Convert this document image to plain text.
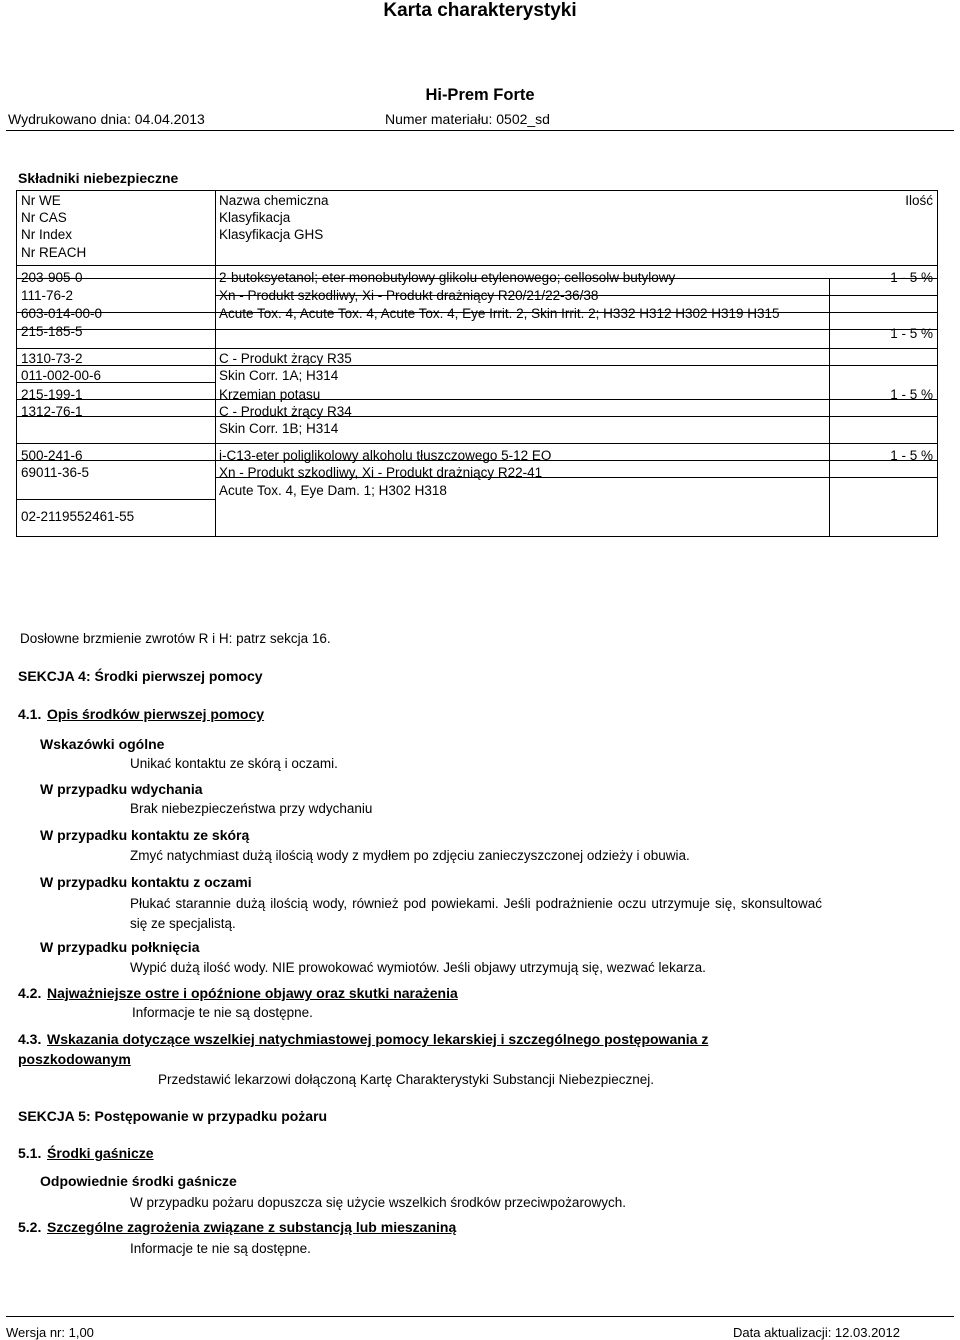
Karta charakterystyki
Hi-Prem Forte
Wydrukowano dnia: 04.04.2013	Numer materiału: 0502_sd
Składniki niebezpieczne
Nr WE
Nr CAS
Nr Index
Nr REACH
Nazwa chemiczna
Klasyfikacja
Klasyfikacja GHS
Ilość
203-905-0
111-76-2
603-014-00-0
215-185-5
2-butoksyetanol; eter monobutylowy glikolu etylenowego; cellosolw butylowy
Xn - Produkt szkodliwy, Xi - Produkt drażniący R20/21/22-36/38
Acute Tox. 4, Acute Tox. 4, Acute Tox. 4, Eye Irrit. 2, Skin Irrit. 2; H332 H312 H302 H319 H315
1 - 5 %
1 - 5 %
1310-73-2
011-002-00-6
C - Produkt żrący R35
Skin Corr. 1A; H314
215-199-1
1312-76-1
Krzemian potasu
C - Produkt żrący R34
Skin Corr. 1B; H314
1 - 5 %
500-241-6
69011-36-5
02-2119552461-55
i-C13-eter poliglikolowy alkoholu tłuszczowego 5-12 EO
Xn - Produkt szkodliwy, Xi - Produkt drażniący R22-41
Acute Tox. 4, Eye Dam. 1; H302 H318
1 - 5 %
Dosłowne brzmienie zwrotów R i H: patrz sekcja 16.
SEKCJA 4: Środki pierwszej pomocy
4.1. Opis środków pierwszej pomocy
Wskazówki ogólne
Unikać kontaktu ze skórą i oczami.
W przypadku wdychania
Brak niebezpieczeństwa przy wdychaniu
W przypadku kontaktu ze skórą
Zmyć natychmiast dużą ilością wody z mydłem po zdjęciu zanieczyszczonej odzieży i obuwia.
W przypadku kontaktu z oczami
Płukać starannie dużą ilością wody, również pod powiekami. Jeśli podrażnienie oczu utrzymuje się, skonsultować się ze specjalistą.
W przypadku połknięcia
Wypić dużą ilość wody. NIE prowokować wymiotów. Jeśli objawy utrzymują się, wezwać lekarza.
4.2. Najważniejsze ostre i opóźnione objawy oraz skutki narażenia
Informacje te nie są dostępne.
4.3. Wskazania dotyczące wszelkiej natychmiastowej pomocy lekarskiej i szczególnego postępowania z
poszkodowanym
Przedstawić lekarzowi dołączoną Kartę Charakterystyki Substancji Niebezpiecznej.
SEKCJA 5: Postępowanie w przypadku pożaru
5.1. Środki gaśnicze
Odpowiednie środki gaśnicze
W przypadku pożaru dopuszcza się użycie wszelkich środków przeciwpożarowych.
5.2. Szczególne zagrożenia związane z substancją lub mieszaniną
Informacje te nie są dostępne.
Wersja nr: 1,00	Data aktualizacji: 12.03.2012
